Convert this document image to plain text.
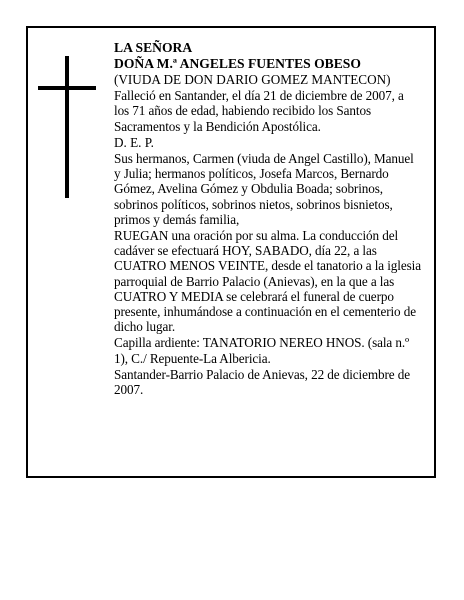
LA SEÑORA

DOÑA M.ª ANGELES FUENTES OBESO

(VIUDA DE DON DARIO GOMEZ MANTECON)

Falleció en Santander, el día 21 de diciembre de 2007, a los 71 años de edad, habiendo recibido los Santos Sacramentos y la Bendición Apostólica.

D. E. P.

Sus hermanos, Carmen (viuda de Angel Castillo), Manuel y Julia; hermanos políticos, Josefa Marcos, Bernardo Gómez, Avelina Gómez y Obdulia Boada; sobrinos, sobrinos políticos, sobrinos nietos, sobrinos bisnietos, primos y demás familia,

RUEGAN una oración por su alma. La conducción del cadáver se efectuará HOY, SABADO, día 22, a las CUATRO MENOS VEINTE, desde el tanatorio a la iglesia parroquial de Barrio Palacio (Anievas), en la que a las CUATRO Y MEDIA se celebrará el funeral de cuerpo presente, inhumándose a continuación en el cementerio de dicho lugar.

Capilla ardiente: TANATORIO NEREO HNOS. (sala n.º 1), C./ Repuente-La Albericia.

Santander-Barrio Palacio de Anievas, 22 de diciembre de 2007.
